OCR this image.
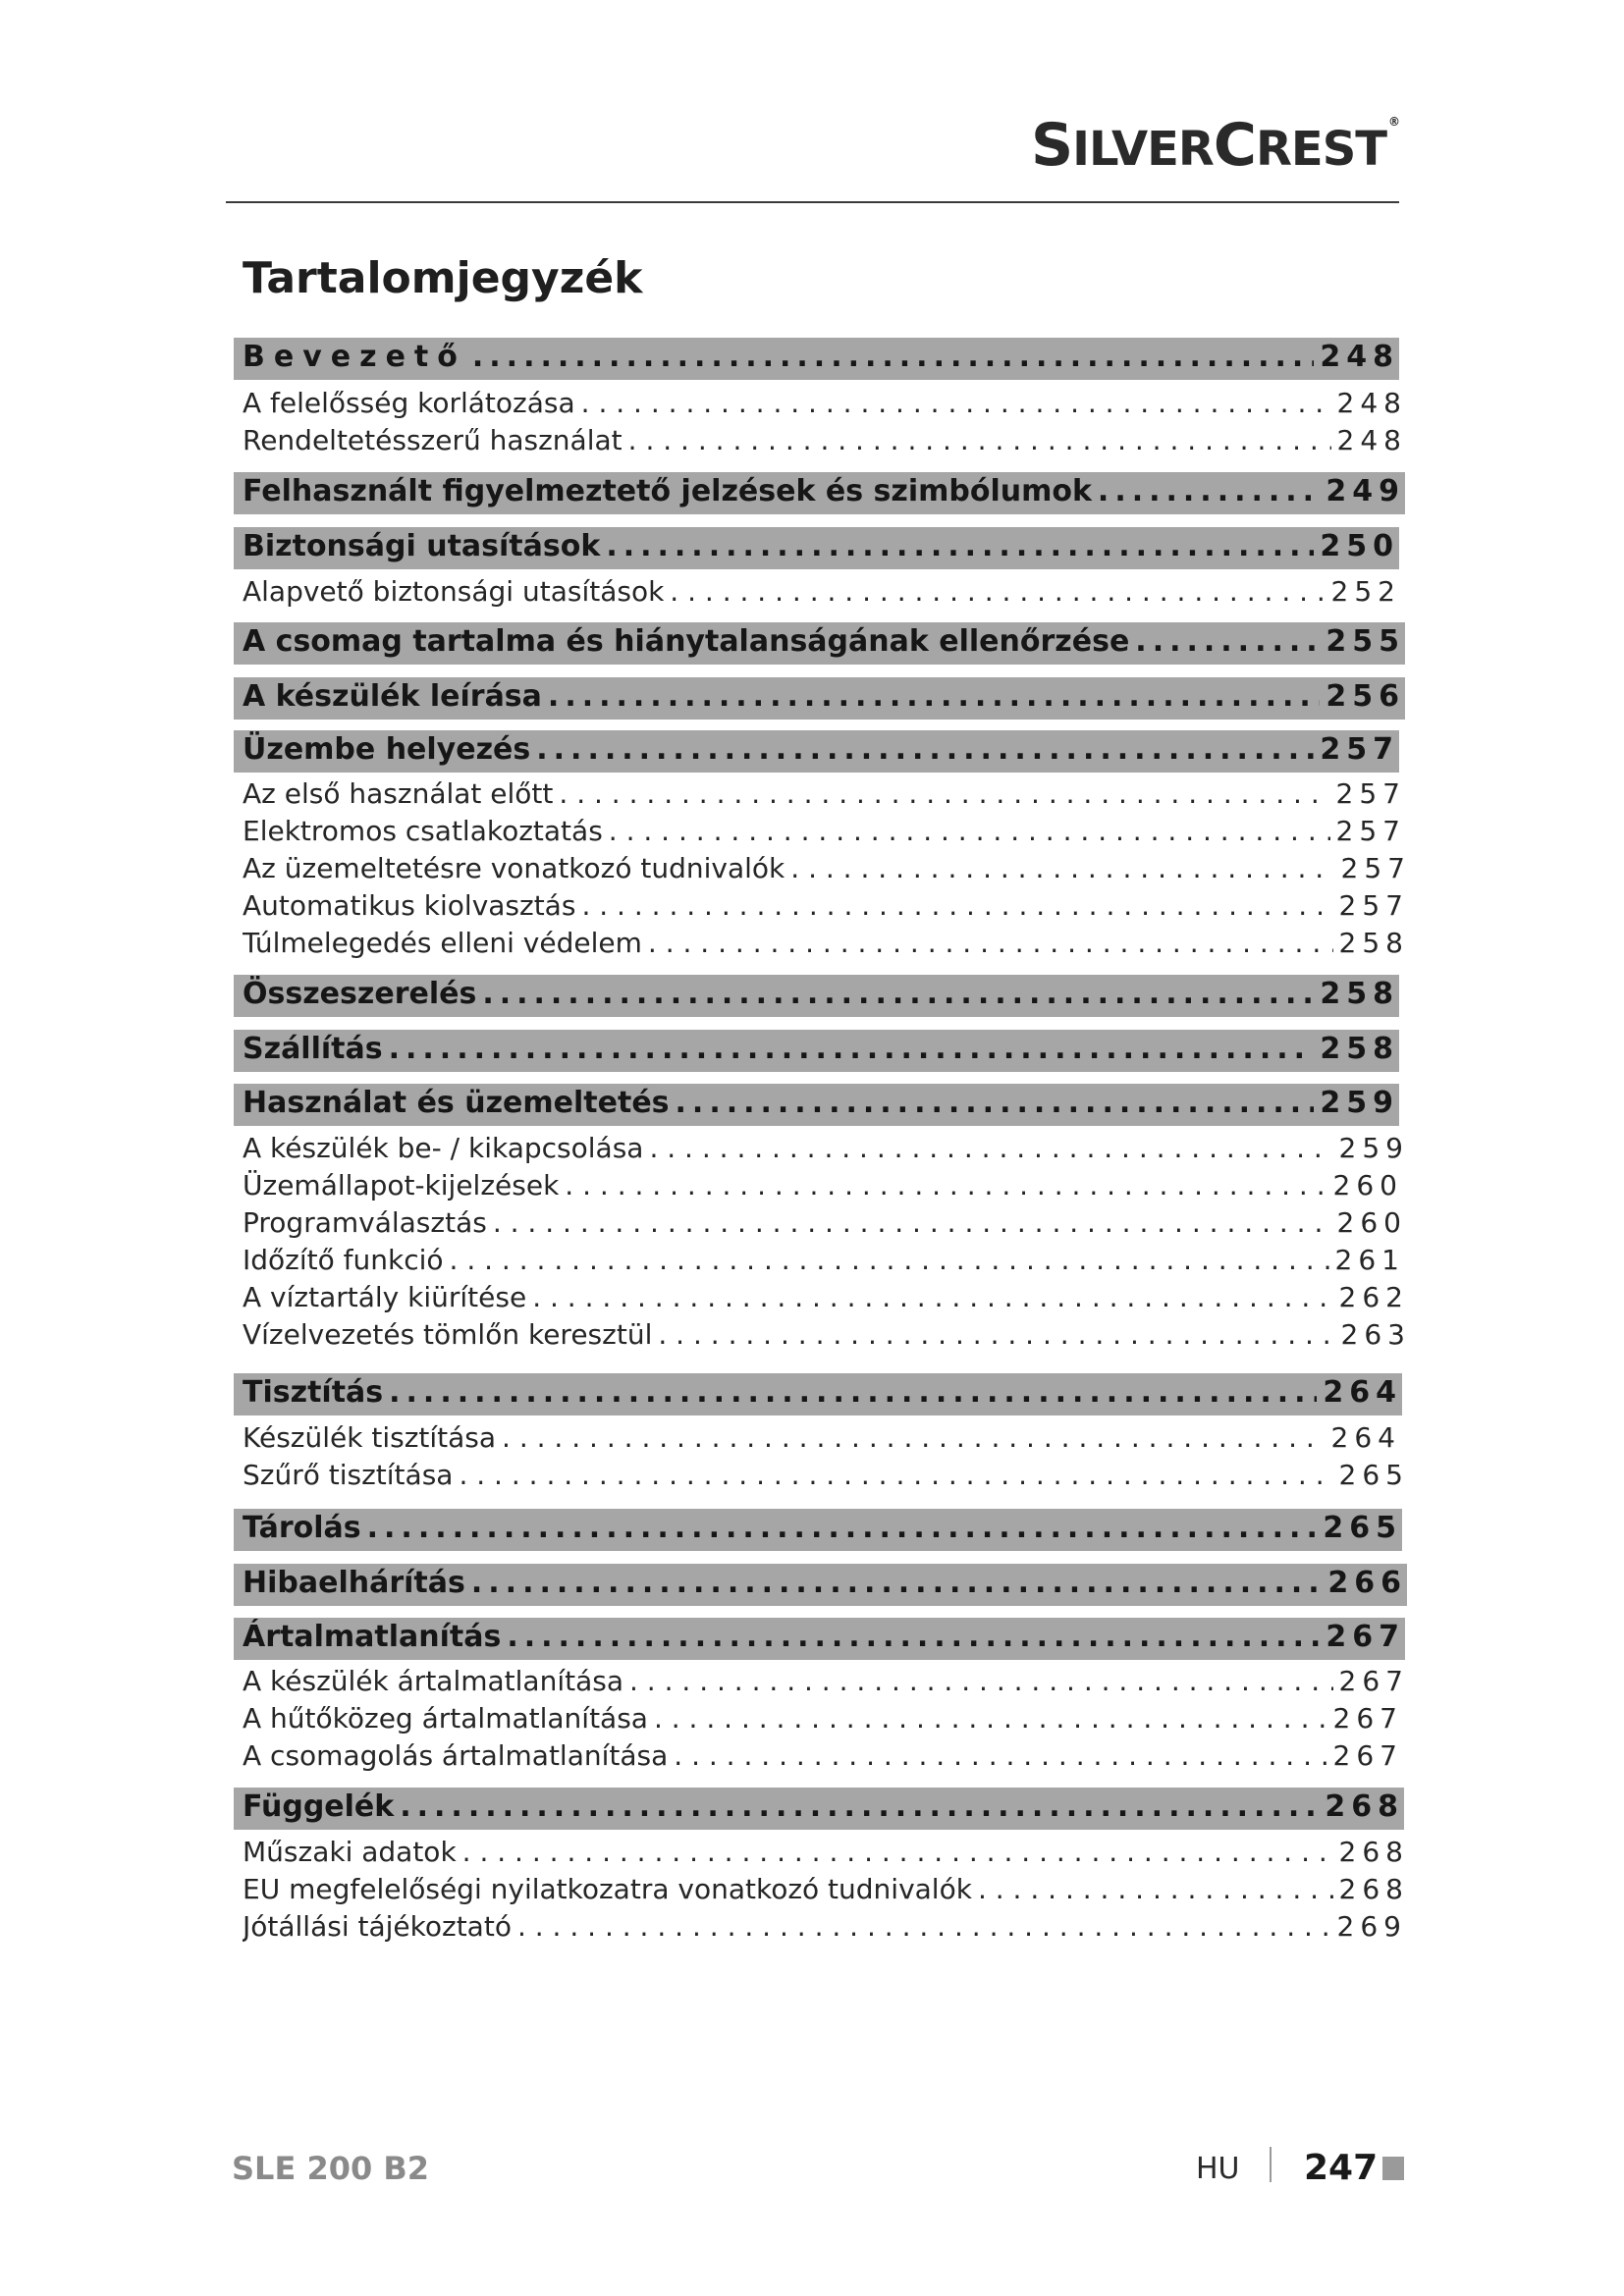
SILVERCREST ®
Tartalomjegyzék
Bevezető .....	248
A felelősség korlátozása . . .	248
Rendeltetésszerű használat . . .	248
Felhasznált figyelmeztető jelzések és szimbólumok .....	249
Biztonsági utasítások .....	250
Alapvető biztonsági utasítások . . .	252
A csomag tartalma és hiánytalanságának ellenőrzése .....	255
A készülék leírása .....	256
Üzembe helyezés .....	257
Az első használat előtt . . .	257
Elektromos csatlakoztatás . . .	257
Az üzemeltetésre vonatkozó tudnivalók . . .	257
Automatikus kiolvasztás . . .	257
Túlmelegedés elleni védelem . . .	258
Összeszerelés .....	258
Szállítás .....	258
Használat és üzemeltetés .....	259
A készülék be- / kikapcsolása . . .	259
Üzemállapot-kijelzések . . .	260
Programválasztás . . .	260
Időzítő funkció . . .	261
A víztartály kiürítése . . .	262
Vízelvezetés tömlőn keresztül . . .	263
Tisztítás .....	264
Készülék tisztítása . . .	264
Szűrő tisztítása . . .	265
Tárolás .....	265
Hibaelhárítás .....	266
Ártalmatlanítás .....	267
A készülék ártalmatlanítása . . .	267
A hűtőközeg ártalmatlanítása . . .	267
A csomagolás ártalmatlanítása . . .	267
Függelék .....	268
Műszaki adatok . . .	268
EU megfelelőségi nyilatkozatra vonatkozó tudnivalók . . .	268
Jótállási tájékoztató . . .	269
SLE 200 B2	HU 247
